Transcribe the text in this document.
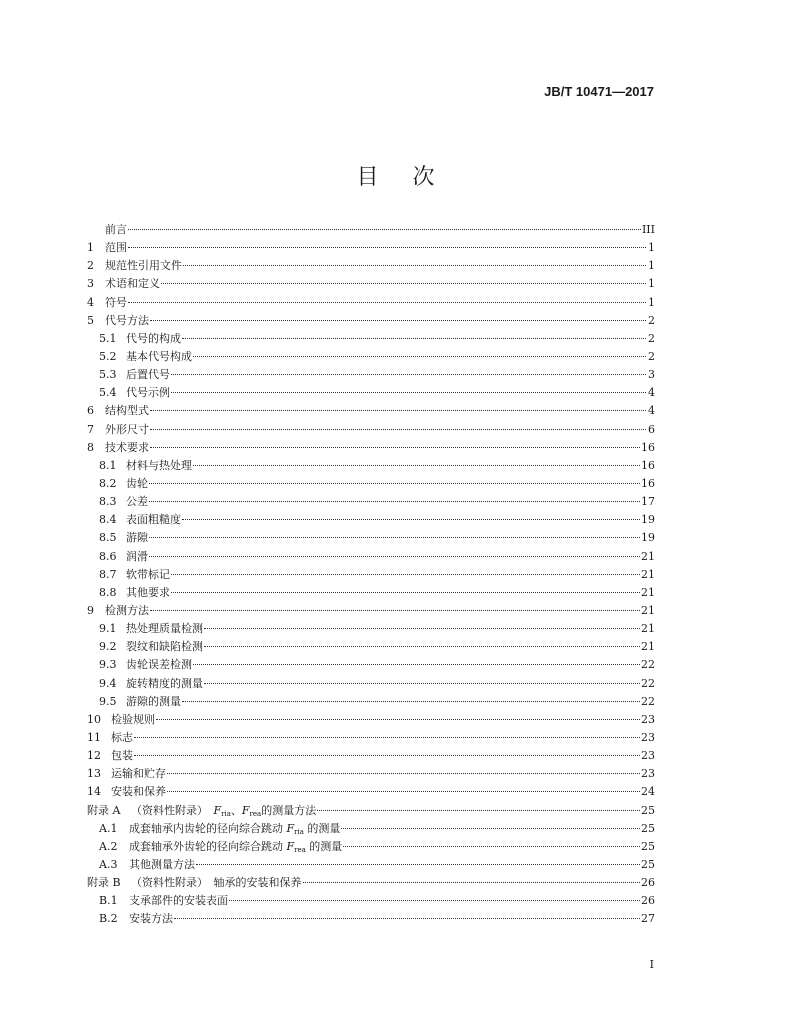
JB/T 10471—2017
目次
前言	III
1	范围	1
2	规范性引用文件	1
3	术语和定义	1
4	符号	1
5	代号方法	2
5.1 代号的构成	2
5.2 基本代号构成	2
5.3 后置代号	3
5.4 代号示例	4
6	结构型式	4
7	外形尺寸	6
8	技术要求	16
8.1 材料与热处理	16
8.2 齿轮	16
8.3 公差	17
8.4 表面粗糙度	19
8.5 游隙	19
8.6 润滑	21
8.7 软带标记	21
8.8 其他要求	21
9	检测方法	21
9.1 热处理质量检测	21
9.2 裂纹和缺陷检测	21
9.3 齿轮误差检测	22
9.4 旋转精度的测量	22
9.5 游隙的测量	22
10 检验规则	23
11 标志	23
12 包装	23
13 运输和贮存	23
14 安装和保养	24
附录 A （资料性附录）　$F_{ria}$、$F_{rea}$的测量方法	25
A.1	成套轴承内齿轮的径向综合跳动 $F_{ria}$ 的测量	25
A.2	成套轴承外齿轮的径向综合跳动 $F_{rea}$ 的测量	25
A.3	其他测量方法	25
附录 B （资料性附录）　轴承的安装和保养	26
B.1	支承部件的安装表面	26
B.2	安装方法	27
I
